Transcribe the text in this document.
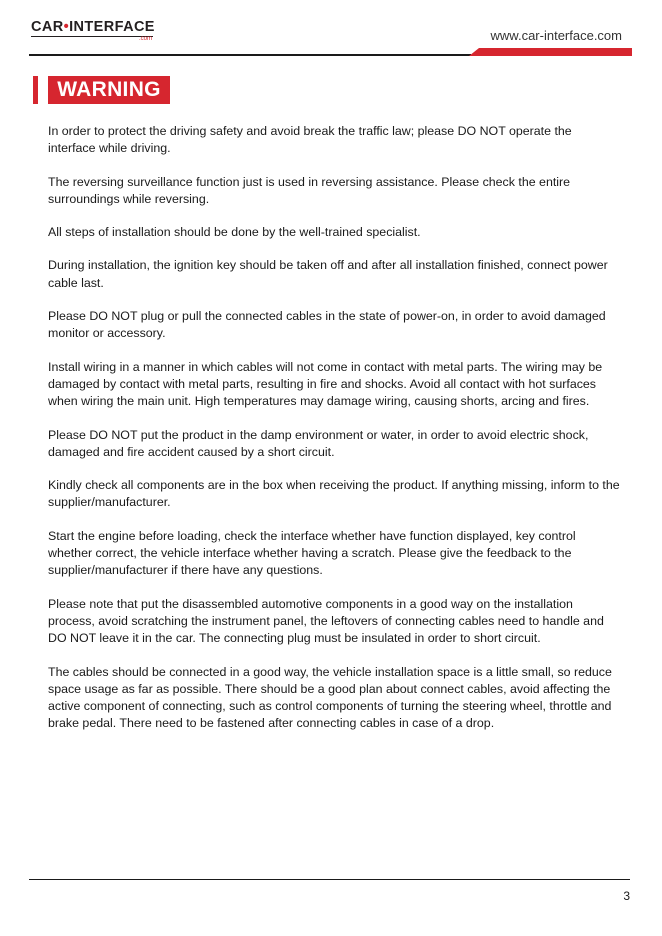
CAR•INTERFACE
.com	www.car-interface.com
WARNING

In order to protect the driving safety and avoid break the traffic law; please DO NOT operate the interface while driving.

The reversing surveillance function just is used in reversing assistance. Please check the entire surroundings while reversing.

All steps of installation should be done by the well-trained specialist.

During installation, the ignition key should be taken off and after all installation finished, connect power cable last.

Please DO NOT plug or pull the connected cables in the state of power-on, in order to avoid damaged monitor or accessory.

Install wiring in a manner in which cables will not come in contact with metal parts. The wiring may be damaged by contact with metal parts, resulting in fire and shocks. Avoid all contact with hot surfaces when wiring the main unit. High temperatures may damage wiring, causing shorts, arcing and fires.

Please DO NOT put the product in the damp environment or water, in order to avoid electric shock, damaged and fire accident caused by a short circuit.

Kindly check all components are in the box when receiving the product. If anything missing, inform to the supplier/manufacturer.

Start the engine before loading, check the interface whether have function displayed, key control whether correct, the vehicle interface whether having a scratch. Please give the feedback to the supplier/manufacturer if there have any questions.

Please note that put the disassembled automotive components in a good way on the installation process, avoid scratching the instrument panel, the leftovers of connecting cables need to handle and DO NOT leave it in the car. The connecting plug must be insulated in order to short circuit.

The cables should be connected in a good way, the vehicle installation space is a little small, so reduce space usage as far as possible. There should be a good plan about connect cables, avoid affecting the active component of connecting, such as control components of turning the steering wheel, throttle and brake pedal. There need to be fastened after connecting cables in case of a drop.

3
